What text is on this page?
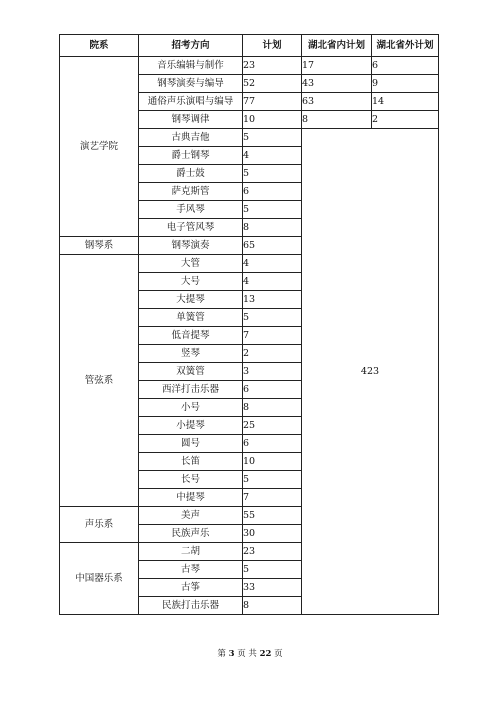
院系	招考方向	计划	湖北省内计划	湖北省外计划
演艺学院	音乐编辑与制作	23	17	6
	钢琴演奏与编导	52	43	9
	通俗声乐演唱与编导	77	63	14
	钢琴调律	10	8	2
	古典吉他	5	423	
	爵士钢琴	4		
	爵士鼓	5		
	萨克斯管	6		
	手风琴	5		
	电子管风琴	8		
钢琴系	钢琴演奏	65		
管弦系	大管	4		
	大号	4		
	大提琴	13		
	单簧管	5		
	低音提琴	7		
	竖琴	2		
	双簧管	3		
	西洋打击乐器	6		
	小号	8		
	小提琴	25		
	圆号	6		
	长笛	10		
	长号	5		
	中提琴	7		
声乐系	美声	55		
	民族声乐	30		
中国器乐系	二胡	23		
	古琴	5		
	古筝	33		
	民族打击乐器	8		
第 3 页 共 22 页
